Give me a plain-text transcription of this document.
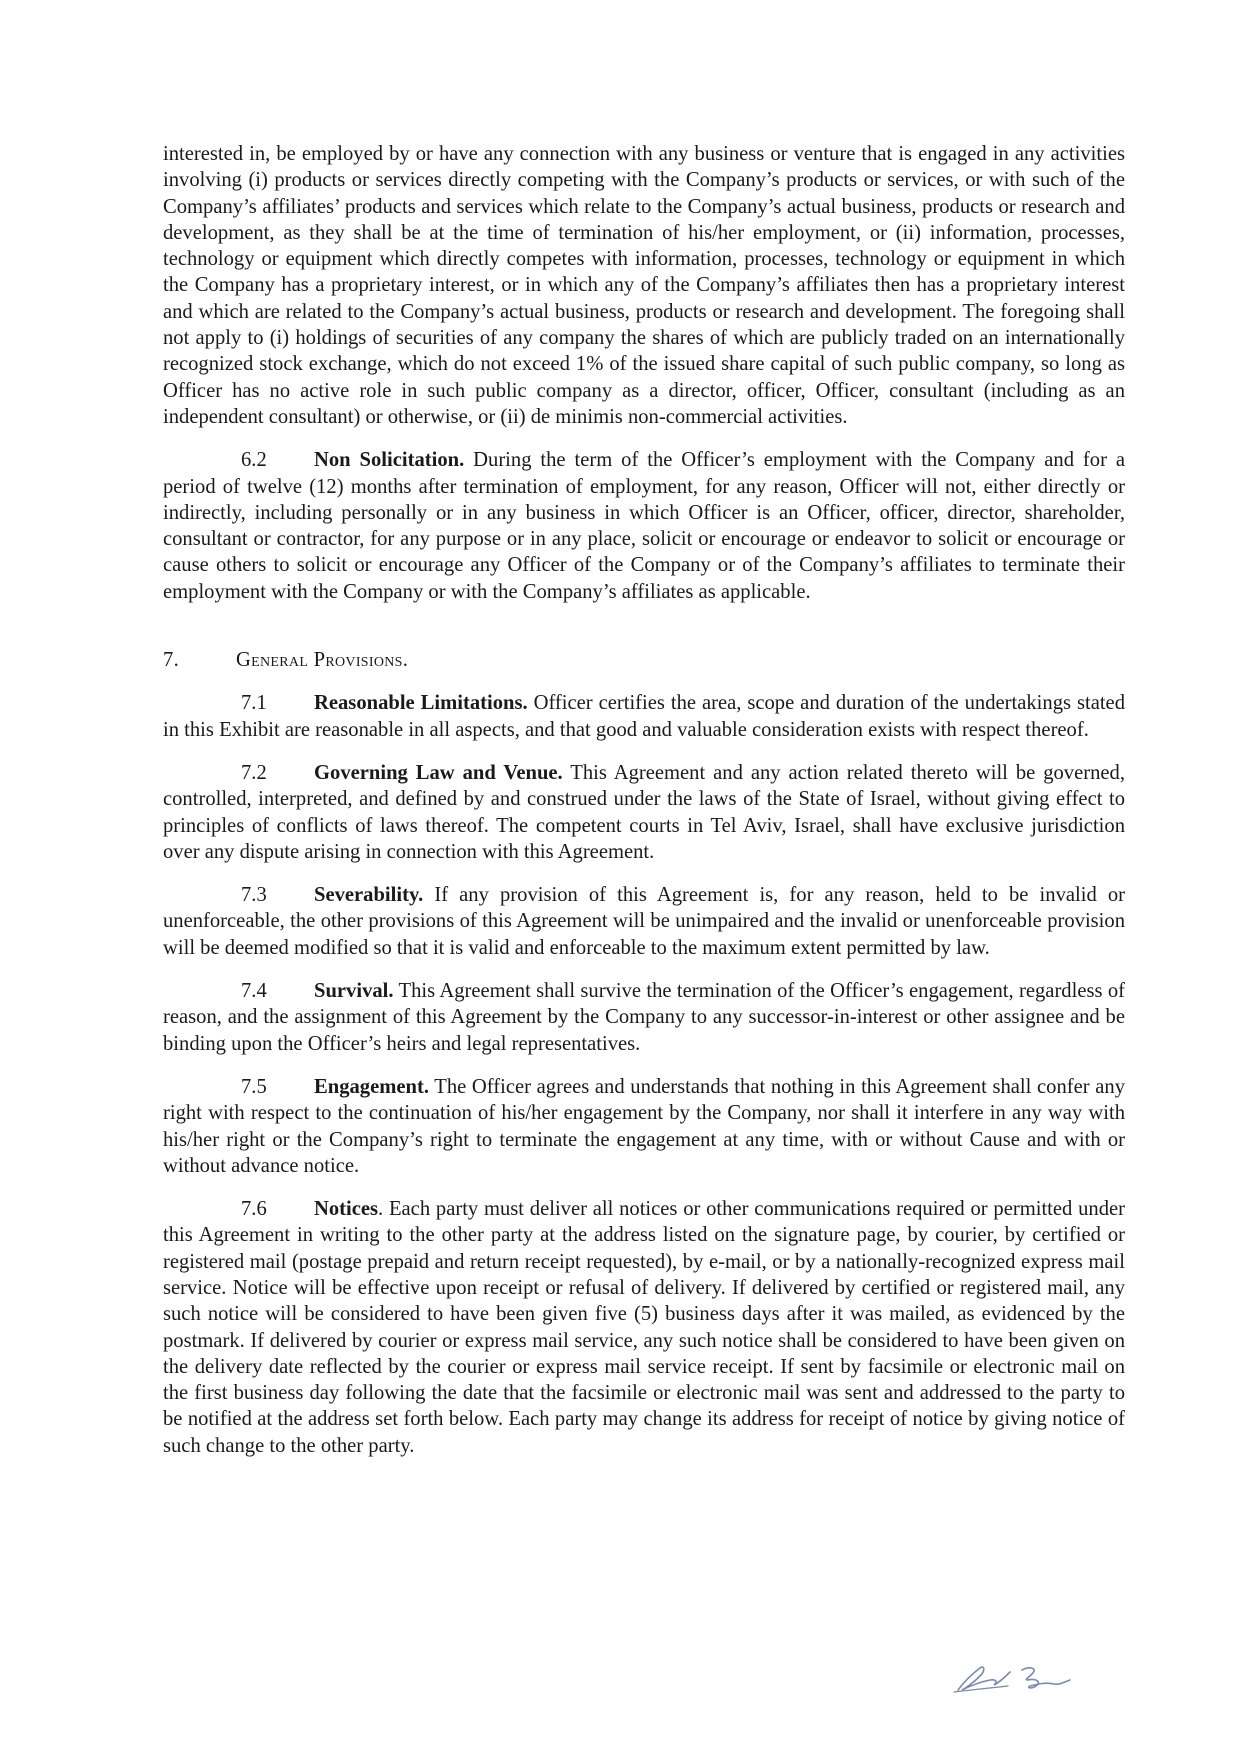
interested in, be employed by or have any connection with any business or venture that is engaged in any activities involving (i) products or services directly competing with the Company’s products or services, or with such of the Company’s affiliates’ products and services which relate to the Company’s actual business, products or research and development, as they shall be at the time of termination of his/her employment, or (ii) information, processes, technology or equipment which directly competes with information, processes, technology or equipment in which the Company has a proprietary interest, or in which any of the Company’s affiliates then has a proprietary interest and which are related to the Company’s actual business, products or research and development. The foregoing shall not apply to (i) holdings of securities of any company the shares of which are publicly traded on an internationally recognized stock exchange, which do not exceed 1% of the issued share capital of such public company, so long as Officer has no active role in such public company as a director, officer, Officer, consultant (including as an independent consultant) or otherwise, or (ii) de minimis non-commercial activities.

6.2 Non Solicitation. During the term of the Officer’s employment with the Company and for a period of twelve (12) months after termination of employment, for any reason, Officer will not, either directly or indirectly, including personally or in any business in which Officer is an Officer, officer, director, shareholder, consultant or contractor, for any purpose or in any place, solicit or encourage or endeavor to solicit or encourage or cause others to solicit or encourage any Officer of the Company or of the Company’s affiliates to terminate their employment with the Company or with the Company’s affiliates as applicable.

7.	General Provisions.

7.1 Reasonable Limitations. Officer certifies the area, scope and duration of the undertakings stated in this Exhibit are reasonable in all aspects, and that good and valuable consideration exists with respect thereof.

7.2 Governing Law and Venue. This Agreement and any action related thereto will be governed, controlled, interpreted, and defined by and construed under the laws of the State of Israel, without giving effect to principles of conflicts of laws thereof. The competent courts in Tel Aviv, Israel, shall have exclusive jurisdiction over any dispute arising in connection with this Agreement.

7.3 Severability. If any provision of this Agreement is, for any reason, held to be invalid or unenforceable, the other provisions of this Agreement will be unimpaired and the invalid or unenforceable provision will be deemed modified so that it is valid and enforceable to the maximum extent permitted by law.

7.4 Survival. This Agreement shall survive the termination of the Officer’s engagement, regardless of reason, and the assignment of this Agreement by the Company to any successor-in-interest or other assignee and be binding upon the Officer’s heirs and legal representatives.

7.5 Engagement. The Officer agrees and understands that nothing in this Agreement shall confer any right with respect to the continuation of his/her engagement by the Company, nor shall it interfere in any way with his/her right or the Company’s right to terminate the engagement at any time, with or without Cause and with or without advance notice.

7.6 Notices. Each party must deliver all notices or other communications required or permitted under this Agreement in writing to the other party at the address listed on the signature page, by courier, by certified or registered mail (postage prepaid and return receipt requested), by e-mail, or by a nationally-recognized express mail service. Notice will be effective upon receipt or refusal of delivery. If delivered by certified or registered mail, any such notice will be considered to have been given five (5) business days after it was mailed, as evidenced by the postmark. If delivered by courier or express mail service, any such notice shall be considered to have been given on the delivery date reflected by the courier or express mail service receipt. If sent by facsimile or electronic mail on the first business day following the date that the facsimile or electronic mail was sent and addressed to the party to be notified at the address set forth below. Each party may change its address for receipt of notice by giving notice of such change to the other party.
